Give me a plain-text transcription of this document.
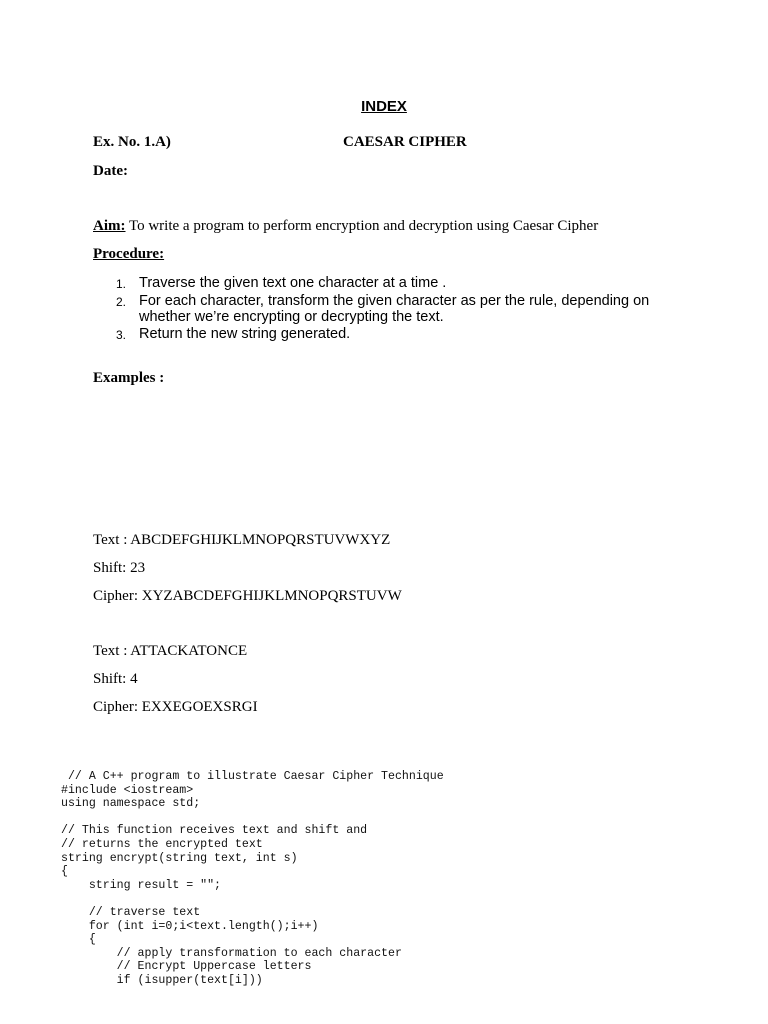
INDEX
Ex. No. 1.A)	CAESAR CIPHER
Date:
Aim: To write a program to perform encryption and decryption using Caesar Cipher
Procedure:
1. Traverse the given text one character at a time .
2. For each character, transform the given character as per the rule, depending on whether we’re encrypting or decrypting the text.
3. Return the new string generated.
Examples :
Text : ABCDEFGHIJKLMNOPQRSTUVWXYZ
Shift: 23
Cipher: XYZABCDEFGHIJKLMNOPQRSTUVW
Text : ATTACKATONCE
Shift: 4
Cipher: EXXEGOEXSRGI
// A C++ program to illustrate Caesar Cipher Technique
#include <iostream>
using namespace std;
// This function receives text and shift and
// returns the encrypted text
string encrypt(string text, int s)
{
string result = "";
// traverse text
for (int i=0;i<text.length();i++)
{
// apply transformation to each character
// Encrypt Uppercase letters
if (isupper(text[i]))
